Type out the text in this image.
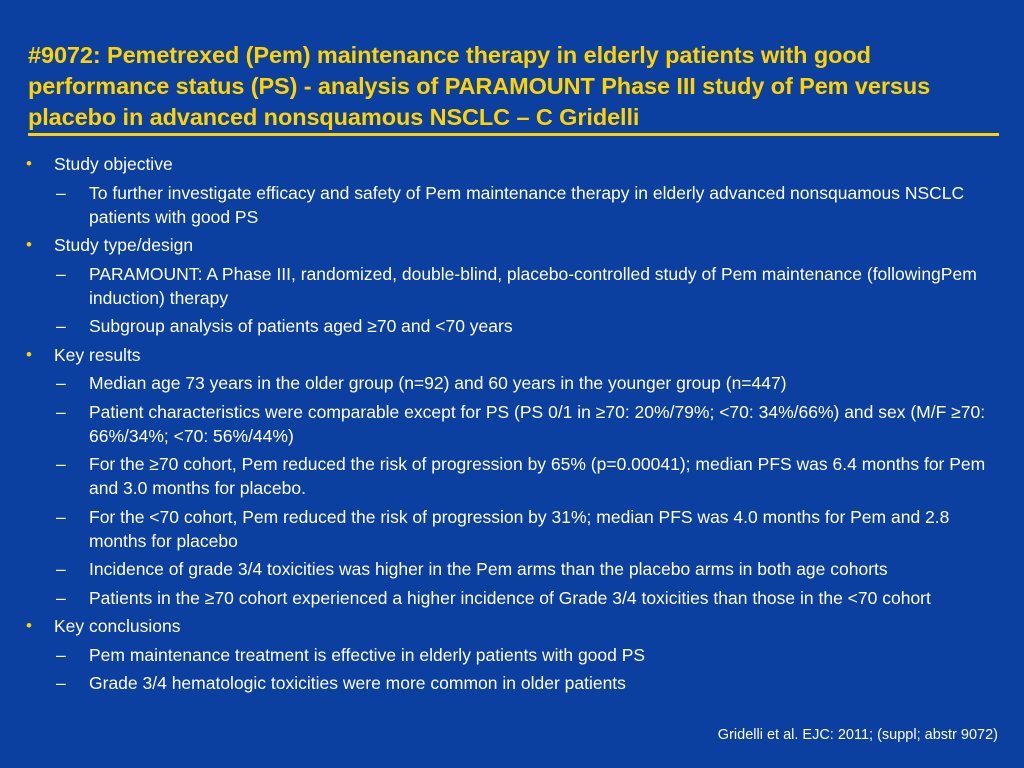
#9072: Pemetrexed (Pem) maintenance therapy in elderly patients with good performance status (PS) - analysis of PARAMOUNT Phase III study of Pem versus placebo in advanced nonsquamous NSCLC – C Gridelli
• Study objective
– To further investigate efficacy and safety of Pem maintenance therapy in elderly advanced nonsquamous NSCLC patients with good PS
• Study type/design
– PARAMOUNT: A Phase III, randomized, double-blind, placebo-controlled study of Pem maintenance (followingPem induction) therapy
– Subgroup analysis of patients aged ≥70 and <70 years
• Key results
– Median age 73 years in the older group (n=92) and 60 years in the younger group (n=447)
– Patient characteristics were comparable except for PS (PS 0/1 in ≥70: 20%/79%; <70: 34%/66%) and sex (M/F ≥70: 66%/34%; <70: 56%/44%)
– For the ≥70 cohort, Pem reduced the risk of progression by 65% (p=0.00041); median PFS was 6.4 months for Pem and 3.0 months for placebo.
– For the <70 cohort, Pem reduced the risk of progression by 31%; median PFS was 4.0 months for Pem and 2.8 months for placebo
– Incidence of grade 3/4 toxicities was higher in the Pem arms than the placebo arms in both age cohorts
– Patients in the ≥70 cohort experienced a higher incidence of Grade 3/4 toxicities than those in the <70 cohort
• Key conclusions
– Pem maintenance treatment is effective in elderly patients with good PS
– Grade 3/4 hematologic toxicities were more common in older patients
Gridelli et al. EJC: 2011; (suppl; abstr 9072)
